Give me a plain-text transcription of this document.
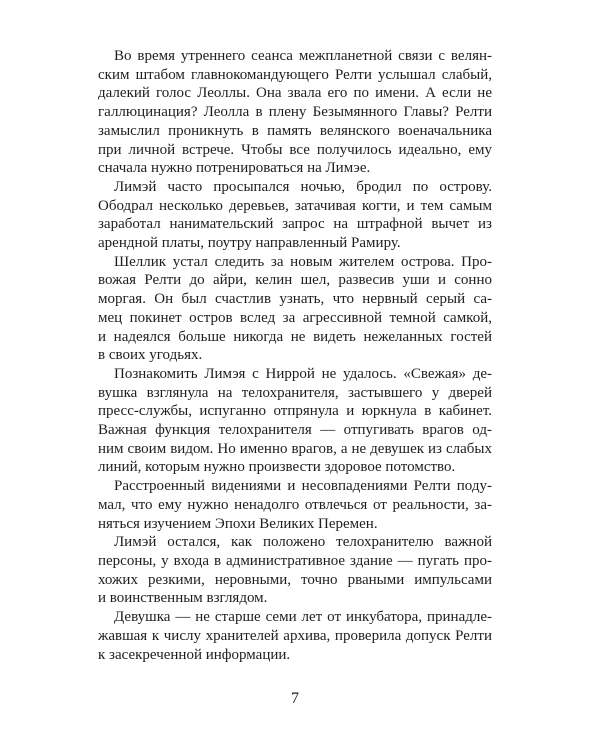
Во время утреннего сеанса межпланетной связи с велян-
ским штабом главнокомандующего Релти услышал слабый,
далекий голос Леоллы. Она звала его по имени. А если не
галлюцинация? Леолла в плену Безымянного Главы? Релти
замыслил проникнуть в память велянского военачальника
при личной встрече. Чтобы все получилось идеально, ему
сначала нужно потренироваться на Лимэе.
Лимэй часто просыпался ночью, бродил по острову.
Ободрал несколько деревьев, затачивая когти, и тем самым
заработал нанимательский запрос на штрафной вычет из
арендной платы, поутру направленный Рамиру.
Шеллик устал следить за новым жителем острова. Про-
вожая Релти до айри, келин шел, развесив уши и сонно
моргая. Он был счастлив узнать, что нервный серый са-
мец покинет остров вслед за агрессивной темной самкой,
и надеялся больше никогда не видеть нежеланных гостей
в своих угодьях.
Познакомить Лимэя с Ниррой не удалось. «Свежая» де-
вушка взглянула на телохранителя, застывшего у дверей
пресс-службы, испуганно отпрянула и юркнула в кабинет.
Важная функция телохранителя — отпугивать врагов од-
ним своим видом. Но именно врагов, а не девушек из слабых
линий, которым нужно произвести здоровое потомство.
Расстроенный видениями и несовпадениями Релти поду-
мал, что ему нужно ненадолго отвлечься от реальности, за-
няться изучением Эпохи Великих Перемен.
Лимэй остался, как положено телохранителю важной
персоны, у входа в административное здание — пугать про-
хожих резкими, неровными, точно рваными импульсами
и воинственным взглядом.
Девушка — не старше семи лет от инкубатора, принадле-
жавшая к числу хранителей архива, проверила допуск Релти
к засекреченной информации.
7
